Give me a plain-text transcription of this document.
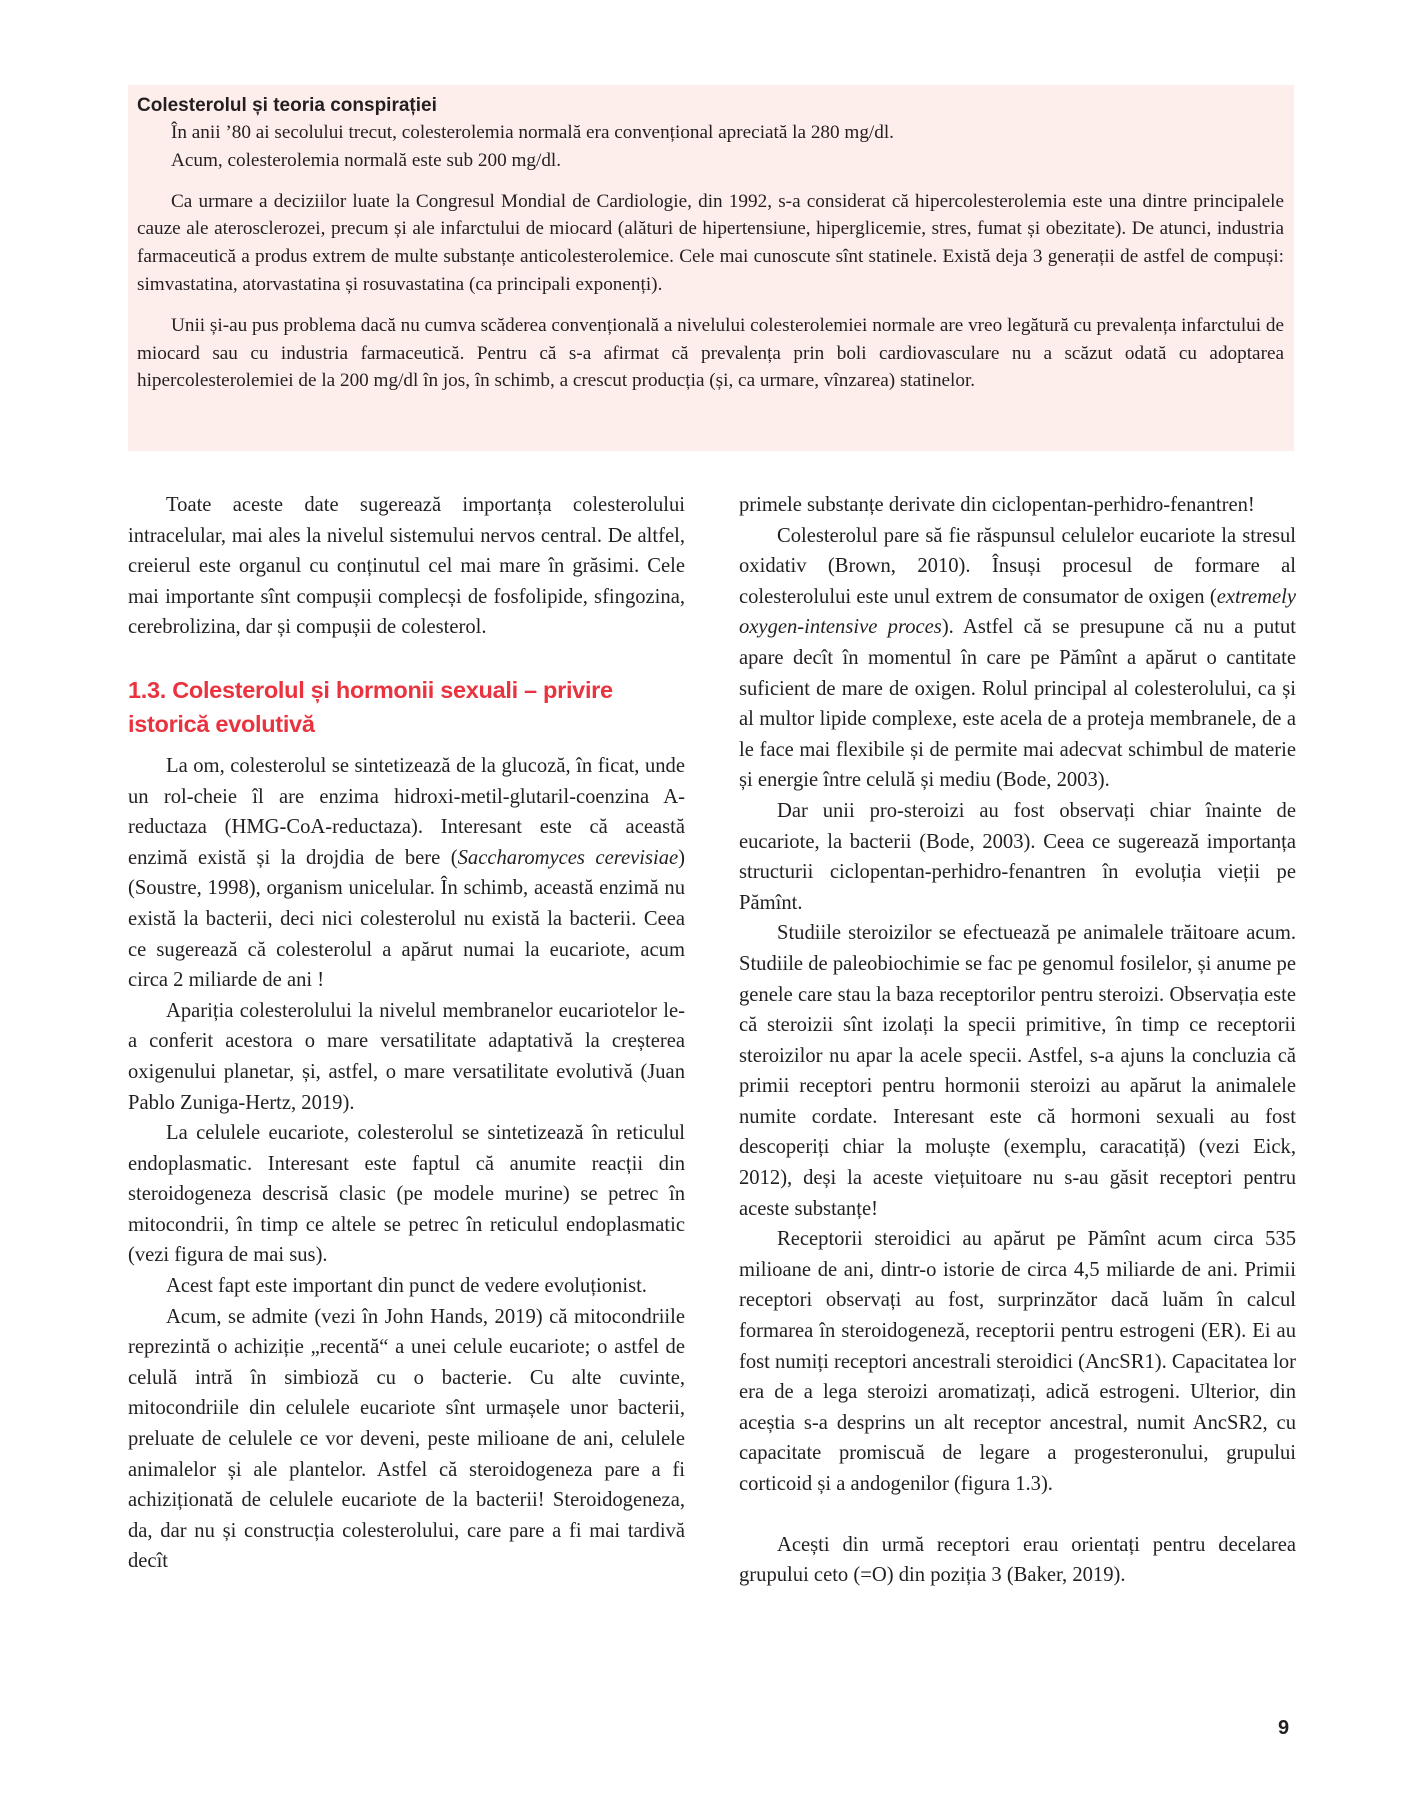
Colesterolul și teoria conspirației

În anii ’80 ai secolului trecut, colesterolemia normală era convențional apreciată la 280 mg/dl.

Acum, colesterolemia normală este sub 200 mg/dl.

Ca urmare a deciziilor luate la Congresul Mondial de Cardiologie, din 1992, s-a considerat că hipercolesterolemia este una dintre principalele cauze ale aterosclerozei, precum și ale infarctului de miocard (alături de hipertensiune, hiperglicemie, stres, fumat și obezitate). De atunci, industria farmaceutică a produs extrem de multe substanțe anticolesterolemice. Cele mai cunoscute sînt statinele. Există deja 3 generații de astfel de compuși: simvastatina, atorvastatina și rosuvastatina (ca principali exponenți).

Unii și-au pus problema dacă nu cumva scăderea convențională a nivelului colesterolemiei normale are vreo legătură cu prevalența infarctului de miocard sau cu industria farmaceutică. Pentru că s-a afirmat că prevalența prin boli cardiovasculare nu a scăzut odată cu adoptarea hipercolesterolemiei de la 200 mg/dl în jos, în schimb, a crescut producția (și, ca urmare, vînzarea) statinelor.

Toate aceste date sugerează importanța colesterolului intracelular, mai ales la nivelul sistemului nervos central. De altfel, creierul este organul cu conținutul cel mai mare în grăsimi. Cele mai importante sînt compușii complecși de fosfolipide, sfingozina, cerebrolizina, dar și compușii de colesterol.

1.3. Colesterolul și hormonii sexuali – privire istorică evolutivă

La om, colesterolul se sintetizează de la glucoză, în ficat, unde un rol-cheie îl are enzima hidroxi-metil-glutaril-coenzina A-reductaza (HMG-CoA-reductaza). Interesant este că această enzimă există și la drojdia de bere (Saccharomyces cerevisiae) (Soustre, 1998), organism unicelular. În schimb, această enzimă nu există la bacterii, deci nici colesterolul nu există la bacterii. Ceea ce sugerează că colesterolul a apărut numai la eucariote, acum circa 2 miliarde de ani !

Apariția colesterolului la nivelul membranelor eucariotelor le-a conferit acestora o mare versatilitate adaptativă la creșterea oxigenului planetar, și, astfel, o mare versatilitate evolutivă (Juan Pablo Zuniga-Hertz, 2019).

La celulele eucariote, colesterolul se sintetizează în reticulul endoplasmatic. Interesant este faptul că anumite reacții din steroidogeneza descrisă clasic (pe modele murine) se petrec în mitocondrii, în timp ce altele se petrec în reticulul endoplasmatic (vezi figura de mai sus).

Acest fapt este important din punct de vedere evoluționist.

Acum, se admite (vezi în John Hands, 2019) că mitocondriile reprezintă o achiziție „recentă“ a unei celule eucariote; o astfel de celulă intră în simbioză cu o bacterie. Cu alte cuvinte, mitocondriile din celulele eucariote sînt urmașele unor bacterii, preluate de celulele ce vor deveni, peste milioane de ani, celulele animalelor și ale plantelor. Astfel că steroidogeneza pare a fi achiziționată de celulele eucariote de la bacterii! Steroidogeneza, da, dar nu și construcția colesterolului, care pare a fi mai tardivă decît

primele substanțe derivate din ciclopentan-perhidro-fenantren!

Colesterolul pare să fie răspunsul celulelor eucariote la stresul oxidativ (Brown, 2010). Însuși procesul de formare al colesterolului este unul extrem de consumator de oxigen (extremely oxygen-intensive proces). Astfel că se presupune că nu a putut apare decît în momentul în care pe Pămînt a apărut o cantitate suficient de mare de oxigen. Rolul principal al colesterolului, ca și al multor lipide complexe, este acela de a proteja membranele, de a le face mai flexibile și de permite mai adecvat schimbul de materie și energie între celulă și mediu (Bode, 2003).

Dar unii pro-steroizi au fost observați chiar înainte de eucariote, la bacterii (Bode, 2003). Ceea ce sugerează importanța structurii ciclopentan-perhidro-fenantren în evoluția vieții pe Pămînt.

Studiile steroizilor se efectuează pe animalele trăitoare acum. Studiile de paleobiochimie se fac pe genomul fosilelor, și anume pe genele care stau la baza receptorilor pentru steroizi. Observația este că steroizii sînt izolați la specii primitive, în timp ce receptorii steroizilor nu apar la acele specii. Astfel, s-a ajuns la concluzia că primii receptori pentru hormonii steroizi au apărut la animalele numite cordate. Interesant este că hormoni sexuali au fost descoperiți chiar la moluște (exemplu, caracatiță) (vezi Eick, 2012), deși la aceste viețuitoare nu s-au găsit receptori pentru aceste substanțe!

Receptorii steroidici au apărut pe Pămînt acum circa 535 milioane de ani, dintr-o istorie de circa 4,5 miliarde de ani. Primii receptori observați au fost, surprinzător dacă luăm în calcul formarea în steroidogeneză, receptorii pentru estrogeni (ER). Ei au fost numiți receptori ancestrali steroidici (AncSR1). Capacitatea lor era de a lega steroizi aromatizați, adică estrogeni. Ulterior, din aceștia s-a desprins un alt receptor ancestral, numit AncSR2, cu capacitate promiscuă de legare a progesteronului, grupului corticoid și a andogenilor (figura 1.3).

Acești din urmă receptori erau orientați pentru decelarea grupului ceto (=O) din poziția 3 (Baker, 2019).

9
